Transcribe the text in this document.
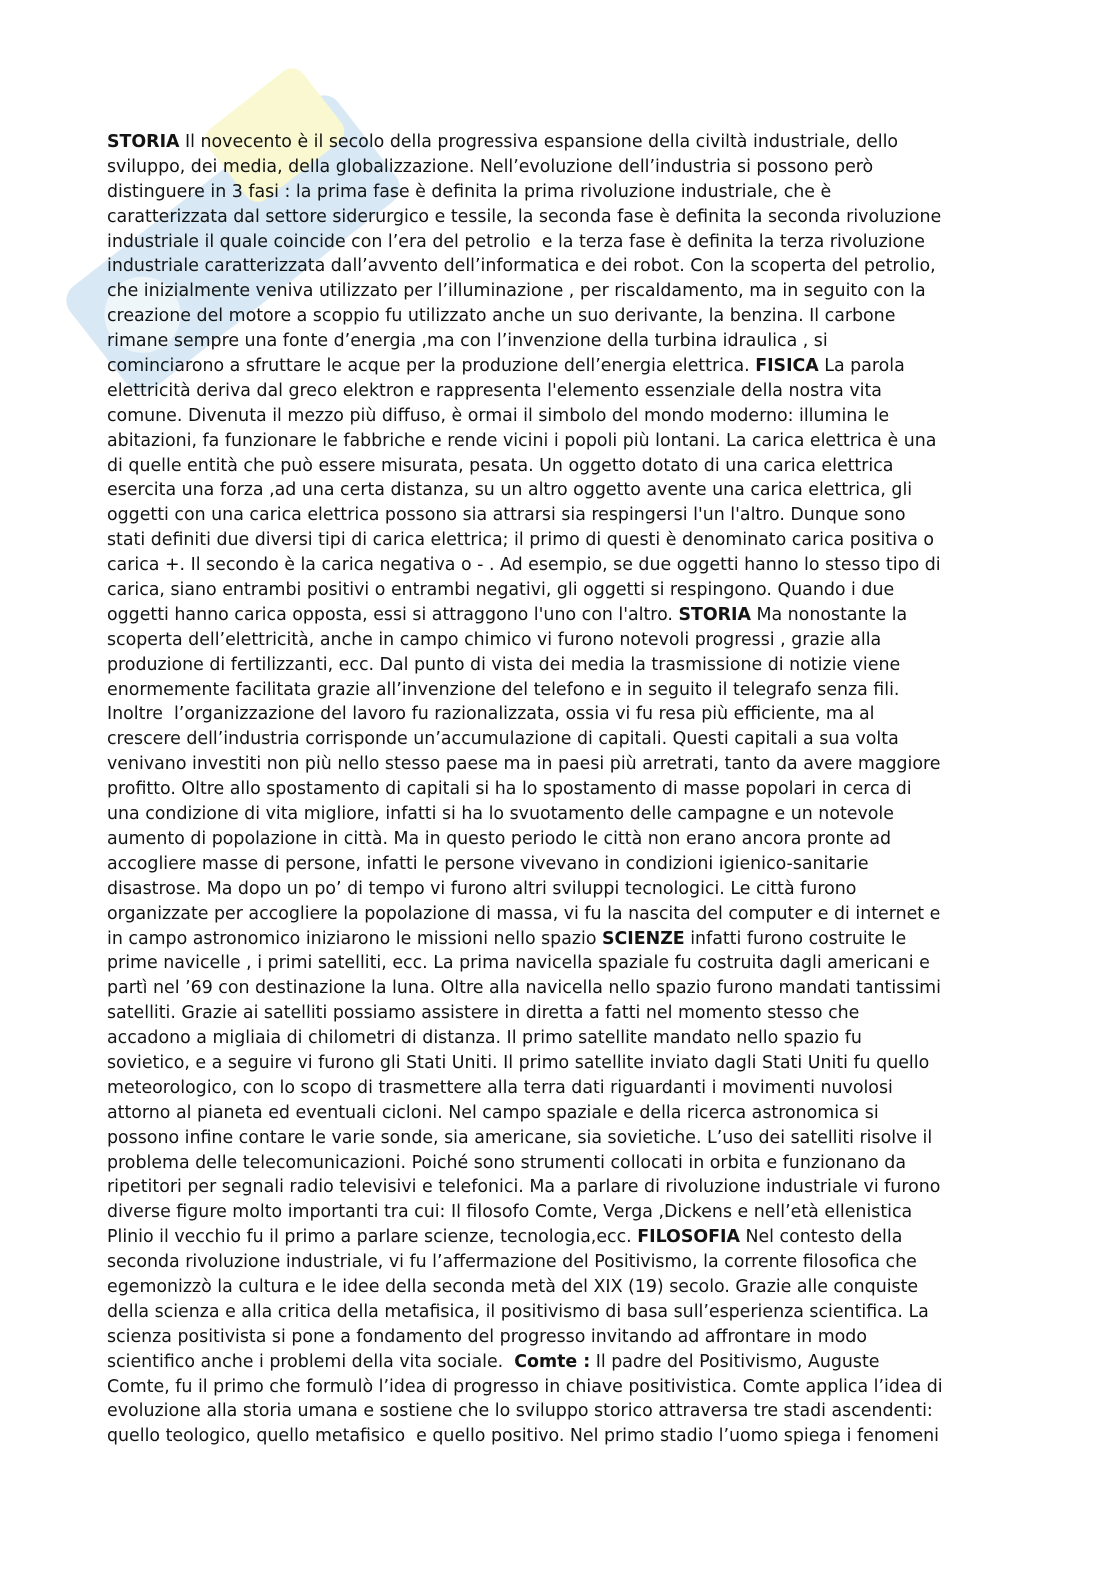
STORIA Il novecento è il secolo della progressiva espansione della civiltà industriale, dello
sviluppo, dei media, della globalizzazione. Nell’evoluzione dell’industria si possono però
distinguere in 3 fasi : la prima fase è definita la prima rivoluzione industriale, che è
caratterizzata dal settore siderurgico e tessile, la seconda fase è definita la seconda rivoluzione
industriale il quale coincide con l’era del petrolio  e la terza fase è definita la terza rivoluzione
industriale caratterizzata dall’avvento dell’informatica e dei robot. Con la scoperta del petrolio,
che inizialmente veniva utilizzato per l’illuminazione , per riscaldamento, ma in seguito con la
creazione del motore a scoppio fu utilizzato anche un suo derivante, la benzina. Il carbone
rimane sempre una fonte d’energia ,ma con l’invenzione della turbina idraulica , si
cominciarono a sfruttare le acque per la produzione dell’energia elettrica. FISICA La parola
elettricità deriva dal greco elektron e rappresenta l'elemento essenziale della nostra vita
comune. Divenuta il mezzo più diffuso, è ormai il simbolo del mondo moderno: illumina le
abitazioni, fa funzionare le fabbriche e rende vicini i popoli più lontani. La carica elettrica è una
di quelle entità che può essere misurata, pesata. Un oggetto dotato di una carica elettrica
esercita una forza ,ad una certa distanza, su un altro oggetto avente una carica elettrica, gli
oggetti con una carica elettrica possono sia attrarsi sia respingersi l'un l'altro. Dunque sono
stati definiti due diversi tipi di carica elettrica; il primo di questi è denominato carica positiva o
carica +. Il secondo è la carica negativa o - . Ad esempio, se due oggetti hanno lo stesso tipo di
carica, siano entrambi positivi o entrambi negativi, gli oggetti si respingono. Quando i due
oggetti hanno carica opposta, essi si attraggono l'uno con l'altro. STORIA Ma nonostante la
scoperta dell’elettricità, anche in campo chimico vi furono notevoli progressi , grazie alla
produzione di fertilizzanti, ecc. Dal punto di vista dei media la trasmissione di notizie viene
enormemente facilitata grazie all’invenzione del telefono e in seguito il telegrafo senza fili.
Inoltre  l’organizzazione del lavoro fu razionalizzata, ossia vi fu resa più efficiente, ma al
crescere dell’industria corrisponde un’accumulazione di capitali. Questi capitali a sua volta
venivano investiti non più nello stesso paese ma in paesi più arretrati, tanto da avere maggiore
profitto. Oltre allo spostamento di capitali si ha lo spostamento di masse popolari in cerca di
una condizione di vita migliore, infatti si ha lo svuotamento delle campagne e un notevole
aumento di popolazione in città. Ma in questo periodo le città non erano ancora pronte ad
accogliere masse di persone, infatti le persone vivevano in condizioni igienico-sanitarie
disastrose. Ma dopo un po’ di tempo vi furono altri sviluppi tecnologici. Le città furono
organizzate per accogliere la popolazione di massa, vi fu la nascita del computer e di internet e
in campo astronomico iniziarono le missioni nello spazio SCIENZE infatti furono costruite le
prime navicelle , i primi satelliti, ecc. La prima navicella spaziale fu costruita dagli americani e
partì nel ’69 con destinazione la luna. Oltre alla navicella nello spazio furono mandati tantissimi
satelliti. Grazie ai satelliti possiamo assistere in diretta a fatti nel momento stesso che
accadono a migliaia di chilometri di distanza. Il primo satellite mandato nello spazio fu
sovietico, e a seguire vi furono gli Stati Uniti. Il primo satellite inviato dagli Stati Uniti fu quello
meteorologico, con lo scopo di trasmettere alla terra dati riguardanti i movimenti nuvolosi
attorno al pianeta ed eventuali cicloni. Nel campo spaziale e della ricerca astronomica si
possono infine contare le varie sonde, sia americane, sia sovietiche. L’uso dei satelliti risolve il
problema delle telecomunicazioni. Poiché sono strumenti collocati in orbita e funzionano da
ripetitori per segnali radio televisivi e telefonici. Ma a parlare di rivoluzione industriale vi furono
diverse figure molto importanti tra cui: Il filosofo Comte, Verga ,Dickens e nell’età ellenistica
Plinio il vecchio fu il primo a parlare scienze, tecnologia,ecc. FILOSOFIA Nel contesto della
seconda rivoluzione industriale, vi fu l’affermazione del Positivismo, la corrente filosofica che
egemonizzò la cultura e le idee della seconda metà del XIX (19) secolo. Grazie alle conquiste
della scienza e alla critica della metafisica, il positivismo di basa sull’esperienza scientifica. La
scienza positivista si pone a fondamento del progresso invitando ad affrontare in modo
scientifico anche i problemi della vita sociale.  Comte : Il padre del Positivismo, Auguste
Comte, fu il primo che formulò l’idea di progresso in chiave positivistica. Comte applica l’idea di
evoluzione alla storia umana e sostiene che lo sviluppo storico attraversa tre stadi ascendenti:
quello teologico, quello metafisico  e quello positivo. Nel primo stadio l’uomo spiega i fenomeni
